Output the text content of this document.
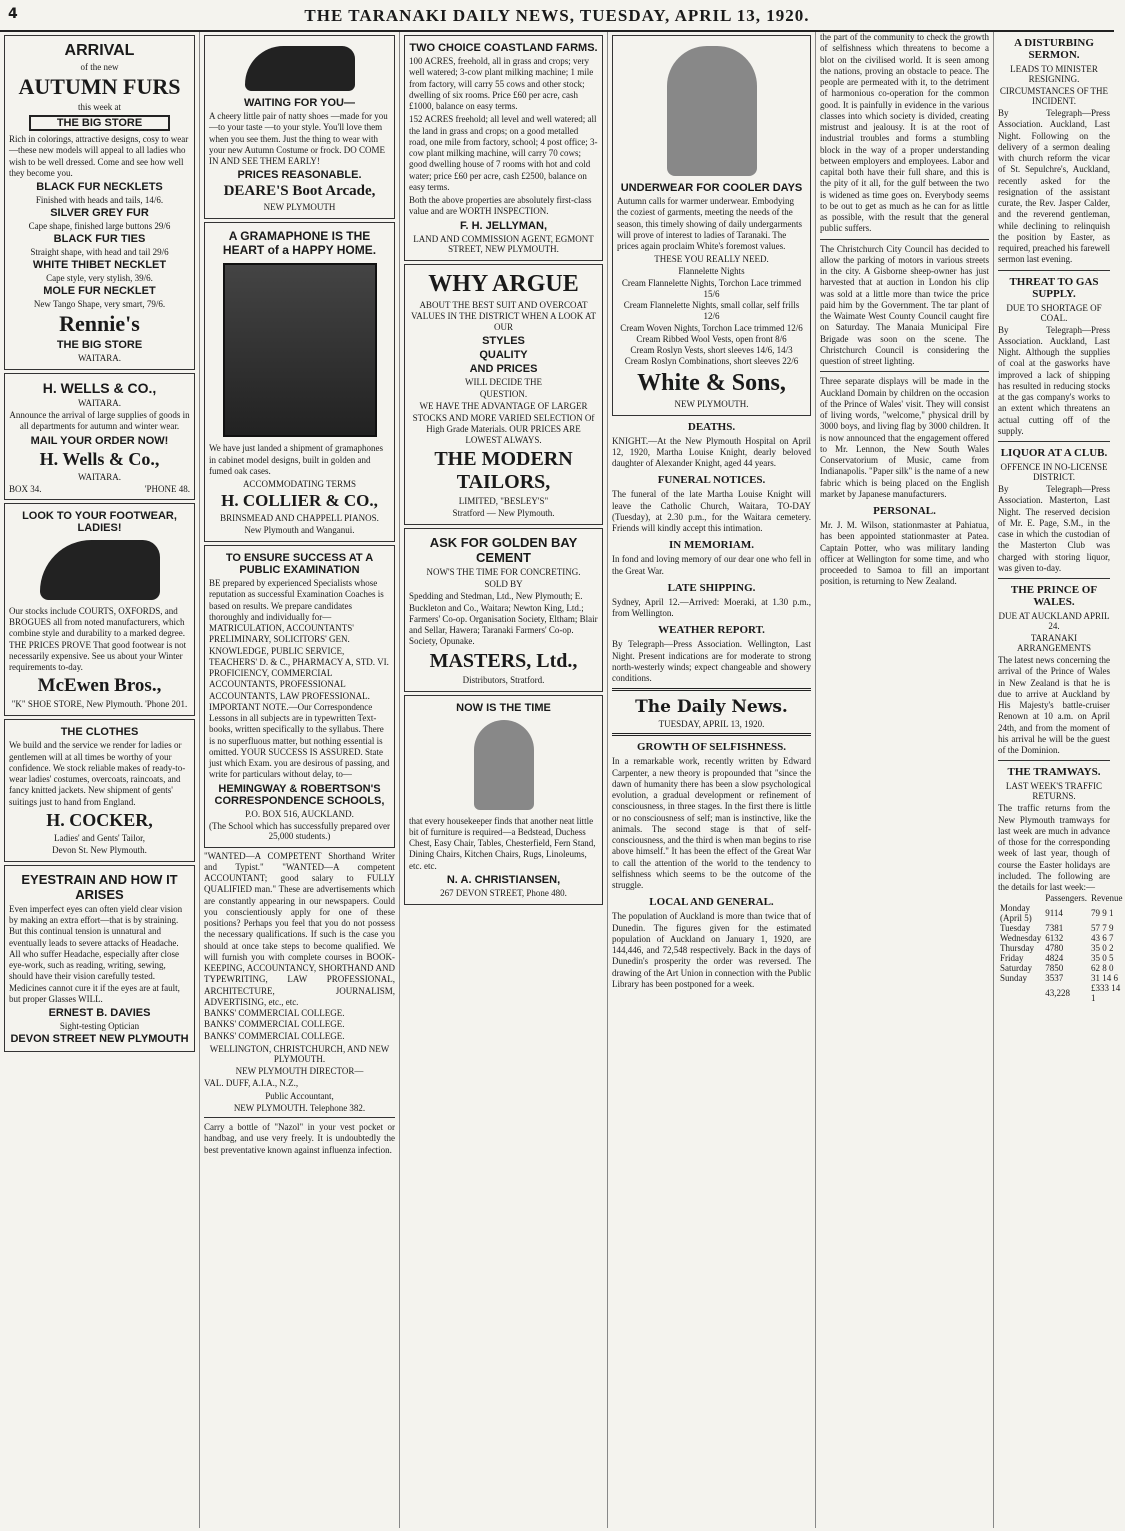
4	THE TARANAKI DAILY NEWS, TUESDAY, APRIL 13, 1920.
ARRIVAL
of the new
AUTUMN FURS
this week at
THE BIG STORE

Rich in colorings, attractive designs, cosy to wear—these new models will appeal to all ladies who wish to be well dressed. Come and see how well they become you.

BLACK FUR NECKLETS
Finished with heads and tails, 14/6.
SILVER GREY FUR
Cape shape, finished large buttons 29/6
BLACK FUR TIES
Straight shape, with head and tail 29/6
WHITE THIBET NECKLET
Cape style, very stylish, 39/6.
MOLE FUR NECKLET
New Tango Shape, very smart, 79/6.
Rennie's
THE BIG STORE
WAITARA.
H. WELLS & CO.,
WAITARA.

Announce the arrival of large supplies of goods in all departments for autumn and winter wear.

MAIL YOUR ORDER NOW!
H. Wells & Co.,
WAITARA.
BOX 34.	'PHONE 48.
LOOK TO YOUR FOOTWEAR, LADIES!

Our stocks include COURTS, OXFORDS, and BROGUES all from noted manufacturers, which combine style and durability to a marked degree. THE PRICES PROVE That good footwear is not necessarily expensive. See us about your Winter requirements to-day.

McEwen Bros.,
"K" SHOE STORE, New Plymouth. 'Phone 201.
THE CLOTHES

We build and the service we render for ladies or gentlemen will at all times be worthy of your confidence. We stock reliable makes of ready-to-wear ladies' costumes, overcoats, raincoats, and fancy knitted jackets. New shipment of gents' suitings just to hand from England.

H. COCKER,
Ladies' and Gents' Tailor,
Devon St. New Plymouth.
EYESTRAIN AND HOW IT ARISES

Even imperfect eyes can often yield clear vision by making an extra effort—that is by straining. But this continual tension is unnatural and eventually leads to severe attacks of Headache. All who suffer Headache, especially after close eye-work, such as reading, writing, sewing, should have their vision carefully tested. Medicines cannot cure it if the eyes are at fault, but proper Glasses WILL.

ERNEST B. DAVIES
Sight-testing Optician
DEVON STREET NEW PLYMOUTH
WAITING FOR YOU—

A cheery little pair of natty shoes —made for you —to your taste —to your style. You'll love them when you see them. Just the thing to wear with your new Autumn Costume or frock. DO COME IN AND SEE THEM EARLY!

PRICES REASONABLE.
DEARE'S Boot Arcade,
NEW PLYMOUTH
A GRAMAPHONE IS THE HEART of a HAPPY HOME.

We have just landed a shipment of gramaphones in cabinet model designs, built in golden and fumed oak cases.

ACCOMMODATING TERMS
H. COLLIER & CO.,
BRINSMEAD AND CHAPPELL PIANOS.
New Plymouth and Wanganui.
TO ENSURE SUCCESS AT A PUBLIC EXAMINATION

BE prepared by experienced Specialists whose reputation as successful Examination Coaches is based on results. We prepare candidates thoroughly and individually for— MATRICULATION, ACCOUNTANTS' PRELIMINARY, SOLICITORS' GEN. KNOWLEDGE, PUBLIC SERVICE, TEACHERS' D. & C., PHARMACY A, STD. VI. PROFICIENCY, COMMERCIAL ACCOUNTANTS, PROFESSIONAL ACCOUNTANTS, LAW PROFESSIONAL. IMPORTANT NOTE.—Our Correspondence Lessons in all subjects are in typewritten Text-books, written specifically to the syllabus. There is no superfluous matter, but nothing essential is omitted. YOUR SUCCESS IS ASSURED. State just which Exam. you are desirous of passing, and write for particulars without delay, to—

HEMINGWAY & ROBERTSON'S CORRESPONDENCE SCHOOLS,
P.O. BOX 516, AUCKLAND.
(The School which has successfully prepared over 25,000 students.)

"WANTED—A COMPETENT Shorthand Writer and Typist." "WANTED—A competent ACCOUNTANT; good salary to FULLY QUALIFIED man." These are advertisements which are constantly appearing in our newspapers. Could you conscientiously apply for one of these positions? Perhaps you feel that you do not possess the necessary qualifications. If such is the case you should at once take steps to become qualified. We will furnish you with complete courses in BOOK-KEEPING, ACCOUNTANCY, SHORTHAND AND TYPEWRITING, LAW PROFESSIONAL, ARCHITECTURE, JOURNALISM, ADVERTISING, etc., etc.

BANKS' COMMERCIAL COLLEGE.
BANKS' COMMERCIAL COLLEGE.
BANKS' COMMERCIAL COLLEGE.
WELLINGTON, CHRISTCHURCH, AND NEW PLYMOUTH.
NEW PLYMOUTH DIRECTOR—
VAL. DUFF, A.I.A., N.Z.,
Public Accountant,
NEW PLYMOUTH. Telephone 382.

Carry a bottle of "Nazol" in your vest pocket or handbag, and use very freely. It is undoubtedly the best preventative known against influenza infection.

TWO CHOICE COASTLAND FARMS.

100 ACRES, freehold, all in grass and crops; very well watered; 3-cow plant milking machine; 1 mile from factory, will carry 55 cows and other stock; dwelling of six rooms. Price £60 per acre, cash £1000, balance on easy terms.

152 ACRES freehold; all level and well watered; all the land in grass and crops; on a good metalled road, one mile from factory, school; 4 post office; 3-cow plant milking machine, will carry 70 cows; good dwelling house of 7 rooms with hot and cold water; price £60 per acre, cash £2500, balance on easy terms.

Both the above properties are absolutely first-class value and are WORTH INSPECTION.

F. H. JELLYMAN,
LAND AND COMMISSION AGENT, EGMONT STREET, NEW PLYMOUTH.
WHY ARGUE

ABOUT THE BEST SUIT AND OVERCOAT VALUES IN THE DISTRICT WHEN A LOOK AT OUR

STYLES
QUALITY
AND PRICES
WILL DECIDE THE
QUESTION.

WE HAVE THE ADVANTAGE OF LARGER STOCKS AND MORE VARIED SELECTION Of High Grade Materials. OUR PRICES ARE LOWEST ALWAYS.

THE MODERN TAILORS,
LIMITED, "BESLEY'S"
Stratford — New Plymouth.
ASK FOR GOLDEN BAY CEMENT
NOW'S THE TIME FOR CONCRETING.
SOLD BY

Spedding and Stedman, Ltd., New Plymouth; E. Buckleton and Co., Waitara; Newton King, Ltd.; Farmers' Co-op. Organisation Society, Eltham; Blair and Sellar, Hawera; Taranaki Farmers' Co-op. Society, Opunake.

MASTERS, Ltd.,
Distributors, Stratford.
NOW IS THE TIME

that every housekeeper finds that another neat little bit of furniture is required—a Bedstead, Duchess Chest, Easy Chair, Tables, Chesterfield, Fern Stand, Dining Chairs, Kitchen Chairs, Rugs, Linoleums, etc. etc.

N. A. CHRISTIANSEN,
267 DEVON STREET, Phone 480.
UNDERWEAR FOR COOLER DAYS

Autumn calls for warmer underwear. Embodying the coziest of garments, meeting the needs of the season, this timely showing of daily undergarments will prove of interest to ladies of Taranaki. The prices again proclaim White's foremost values.

THESE YOU REALLY NEED.
Flannelette Nights
Cream Flannelette Nights, Torchon Lace trimmed 15/6
Cream Flannelette Nights, small collar, self frills 12/6
Cream Woven Nights, Torchon Lace trimmed 12/6
Cream Ribbed Wool Vests, open front 8/6
Cream Roslyn Vests, short sleeves 14/6, 14/3
Cream Roslyn Combinations, short sleeves 22/6
White & Sons,
NEW PLYMOUTH.
DEATHS.

KNIGHT.—At the New Plymouth Hospital on April 12, 1920, Martha Louise Knight, dearly beloved daughter of Alexander Knight, aged 44 years.

FUNERAL NOTICES.

The funeral of the late Martha Louise Knight will leave the Catholic Church, Waitara, TO-DAY (Tuesday), at 2.30 p.m., for the Waitara cemetery. Friends will kindly accept this intimation.

IN MEMORIAM.

In fond and loving memory of our dear one who fell in the Great War.

LATE SHIPPING.

Sydney, April 12.—Arrived: Moeraki, at 1.30 p.m., from Wellington.

WEATHER REPORT.

By Telegraph—Press Association. Wellington, Last Night. Present indications are for moderate to strong north-westerly winds; expect changeable and showery conditions.

The Daily News.
TUESDAY, APRIL 13, 1920.
GROWTH OF SELFISHNESS.

In a remarkable work, recently written by Edward Carpenter, a new theory is propounded that "since the dawn of humanity there has been a slow psychological evolution, a gradual development or refinement of consciousness, in three stages. In the first there is little or no consciousness of self; man is instinctive, like the animals. The second stage is that of self-consciousness, and the third is when man begins to rise above himself." It has been the effect of the Great War to call the attention of the world to the tendency to selfishness which seems to be the outcome of the struggle.

LOCAL AND GENERAL.

The population of Auckland is more than twice that of Dunedin. The figures given for the estimated population of Auckland on January 1, 1920, are 144,446, and 72,548 respectively. Back in the days of Dunedin's prosperity the order was reversed. The drawing of the Art Union in connection with the Public Library has been postponed for a week.

the part of the community to check the growth of selfishness which threatens to become a blot on the civilised world. It is seen among the nations, proving an obstacle to peace. The people are permeated with it, to the detriment of harmonious co-operation for the common good. It is painfully in evidence in the various classes into which society is divided, creating mistrust and jealousy. It is at the root of industrial troubles and forms a stumbling block in the way of a proper understanding between employers and employees. Labor and capital both have their full share, and this is the pity of it all, for the gulf between the two is widened as time goes on. Everybody seems to be out to get as much as he can for as little as possible, with the result that the general public suffers.

The Christchurch City Council has decided to allow the parking of motors in various streets in the city. A Gisborne sheep-owner has just harvested that at auction in London his clip was sold at a little more than twice the price paid him by the Government. The tar plant of the Waimate West County Council caught fire on Saturday. The Manaia Municipal Fire Brigade was soon on the scene. The Christchurch Council is considering the question of street lighting.

Three separate displays will be made in the Auckland Domain by children on the occasion of the Prince of Wales' visit. They will consist of living words, "welcome," physical drill by 3000 boys, and living flag by 3000 children. It is now announced that the engagement offered to Mr. Lennon, the New South Wales Conservatorium of Music, came from Indianapolis. "Paper silk" is the name of a new fabric which is being placed on the English market by Japanese manufacturers.

PERSONAL.

Mr. J. M. Wilson, stationmaster at Pahiatua, has been appointed stationmaster at Patea. Captain Potter, who was military landing officer at Wellington for some time, and who proceeded to Samoa to fill an important position, is returning to New Zealand.

A DISTURBING SERMON.
LEADS TO MINISTER RESIGNING.
CIRCUMSTANCES OF THE INCIDENT.

By Telegraph—Press Association. Auckland, Last Night. Following on the delivery of a sermon dealing with church reform the vicar of St. Sepulchre's, Auckland, recently asked for the resignation of the assistant curate, the Rev. Jasper Calder, and the reverend gentleman, while declining to relinquish the position by Easter, as required, preached his farewell sermon last evening.

THREAT TO GAS SUPPLY.
DUE TO SHORTAGE OF COAL.

By Telegraph—Press Association. Auckland, Last Night. Although the supplies of coal at the gasworks have improved a lack of shipping has resulted in reducing stocks at the gas company's works to an extent which threatens an actual cutting off of the supply.

LIQUOR AT A CLUB.
OFFENCE IN NO-LICENSE DISTRICT.

By Telegraph—Press Association. Masterton, Last Night. The reserved decision of Mr. E. Page, S.M., in the case in which the custodian of the Masterton Club was charged with storing liquor, was given to-day.

THE PRINCE OF WALES.
DUE AT AUCKLAND APRIL 24.
TARANAKI ARRANGEMENTS

The latest news concerning the arrival of the Prince of Wales in New Zealand is that he is due to arrive at Auckland by His Majesty's battle-cruiser Renown at 10 a.m. on April 24th, and from the moment of his arrival he will be the guest of the Dominion.

THE TRAMWAYS.
LAST WEEK'S TRAFFIC RETURNS.

The traffic returns from the New Plymouth tramways for last week are much in advance of those for the corresponding week of last year, though of course the Easter holidays are included. The following are the details for last week:—

	Passengers.	Revenue
Monday (April 5)	9114	79 9 1
Tuesday	7381	57 7 9
Wednesday	6132	43 6 7
Thursday	4780	35 0 2
Friday	4824	35 0 5
Saturday	7850	62 8 0
Sunday	3537	31 14 6
	43,228	£333 14 1
